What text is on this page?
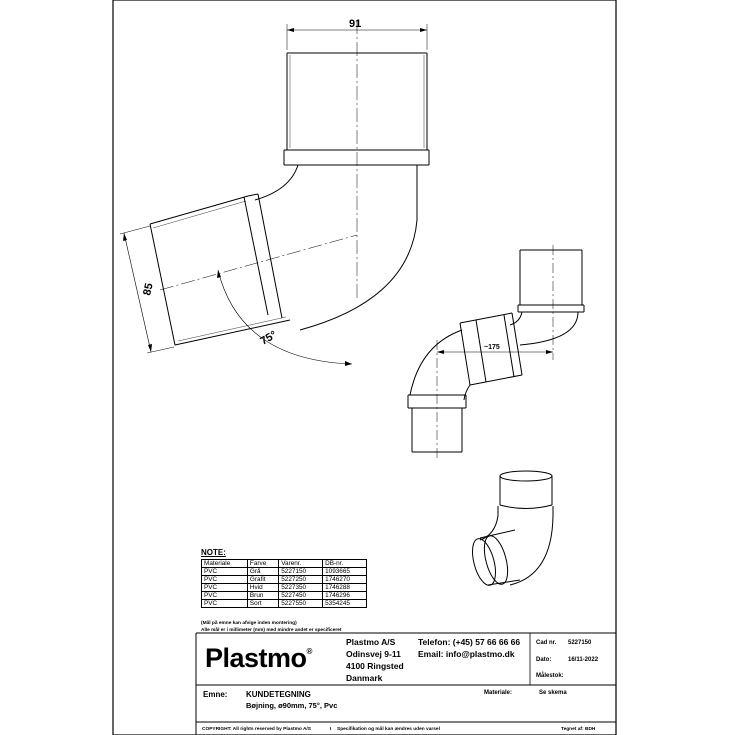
91
85
75°	~175
NOTE:
Materiale	Farve	Varenr.	DB-nr.
PVC	Grå	5227150	1093665
PVC	Grafit	5227250	1746270
PVC	Hvid	5227350	1746288
PVC	Brun	5227450	1746296
PVC	Sort	5227550	5354245
(Mål på emne kan afvige inden montering)
Alle mål er i millimeter (mm) med mindre andet er specificeret
Plastmo®
Plastmo A/S
Odinsvej 9-11
4100 Ringsted
Danmark
Telefon: (+45) 57 66 66 66
Email: info@plastmo.dk
Cad nr. 5227150
Dato:	16/11-2022
Målestok:
Emne: KUNDETEGNING
Bøjning, ø90mm, 75°, Pvc
Materiale:	Se skema
COPYRIGHT: All rights reserved by Plastmo A/S	I Specifikation og mål kan ændres uden varsel	Tegnet af: BDH
